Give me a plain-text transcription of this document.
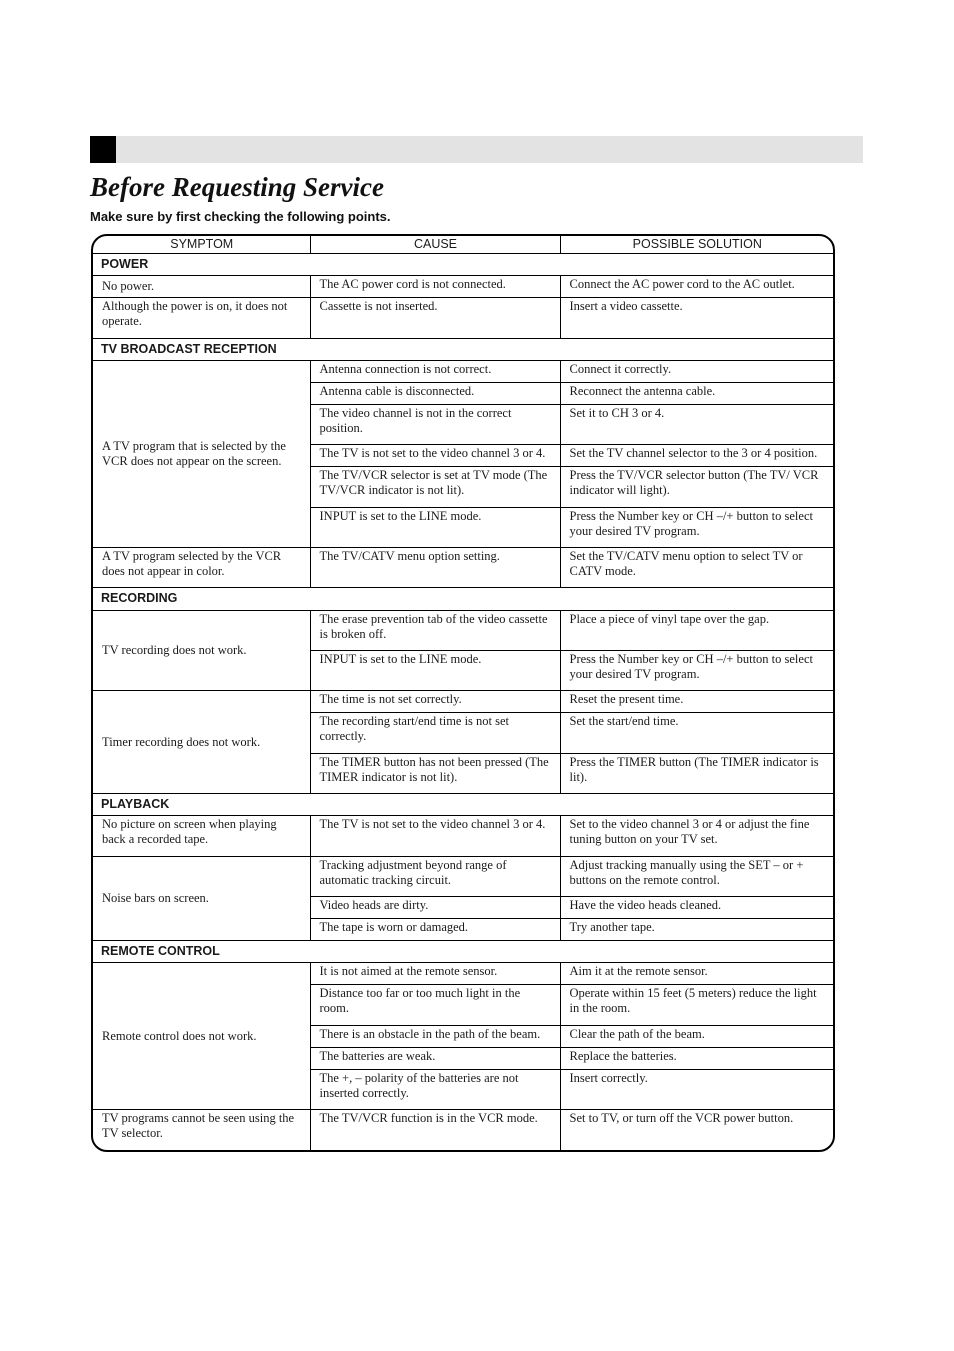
Before Requesting Service

Make sure by first checking the following points.

SYMPTOM	CAUSE	POSSIBLE SOLUTION
POWER		
No power.	The AC power cord is not connected.	Connect the AC power cord to the AC outlet.
Although the power is on, it does not operate.	Cassette is not inserted.	Insert a video cassette.
TV BROADCAST RECEPTION		
A TV program that is selected by the VCR does not appear on the screen.	Antenna connection is not correct.	Connect it correctly.
	Antenna cable is disconnected.	Reconnect the antenna cable.
	The video channel is not in the correct position.	Set it to CH 3 or 4.
	The TV is not set to the video channel 3 or 4.	Set the TV channel selector to the 3 or 4 position.
	The TV/VCR selector is set at TV mode (The TV/VCR indicator is not lit).	Press the TV/VCR selector button (The TV/ VCR indicator will light).
	INPUT is set to the LINE mode.	Press the Number key or CH –/+ button to select your desired TV program.
A TV program selected by the VCR does not appear in color.	The TV/CATV menu option setting.	Set the TV/CATV menu option to select TV or CATV mode.
RECORDING		
TV recording does not work.	The erase prevention tab of the video cassette is broken off.	Place a piece of vinyl tape over the gap.
	INPUT is set to the LINE mode.	Press the Number key or CH –/+ button to select your desired TV program.
Timer recording does not work.	The time is not set correctly.	Reset the present time.
	The recording start/end time is not set correctly.	Set the start/end time.
	The TIMER button has not been pressed (The TIMER indicator is not lit).	Press the TIMER button (The TIMER indicator is lit).
PLAYBACK		
No picture on screen when playing back a recorded tape.	The TV is not set to the video channel 3 or 4.	Set to the video channel 3 or 4 or adjust the fine tuning button on your TV set.
Noise bars on screen.	Tracking adjustment beyond range of automatic tracking circuit.	Adjust tracking manually using the SET – or + buttons on the remote control.
	Video heads are dirty.	Have the video heads cleaned.
	The tape is worn or damaged.	Try another tape.
REMOTE CONTROL		
Remote control does not work.	It is not aimed at the remote sensor.	Aim it at the remote sensor.
	Distance too far or too much light in the room.	Operate within 15 feet (5 meters) reduce the light in the room.
	There is an obstacle in the path of the beam.	Clear the path of the beam.
	The batteries are weak.	Replace the batteries.
	The +, – polarity of the batteries are not inserted correctly.	Insert correctly.
TV programs cannot be seen using the TV selector.	The TV/VCR function is in the VCR mode.	Set to TV, or turn off the VCR power button.
